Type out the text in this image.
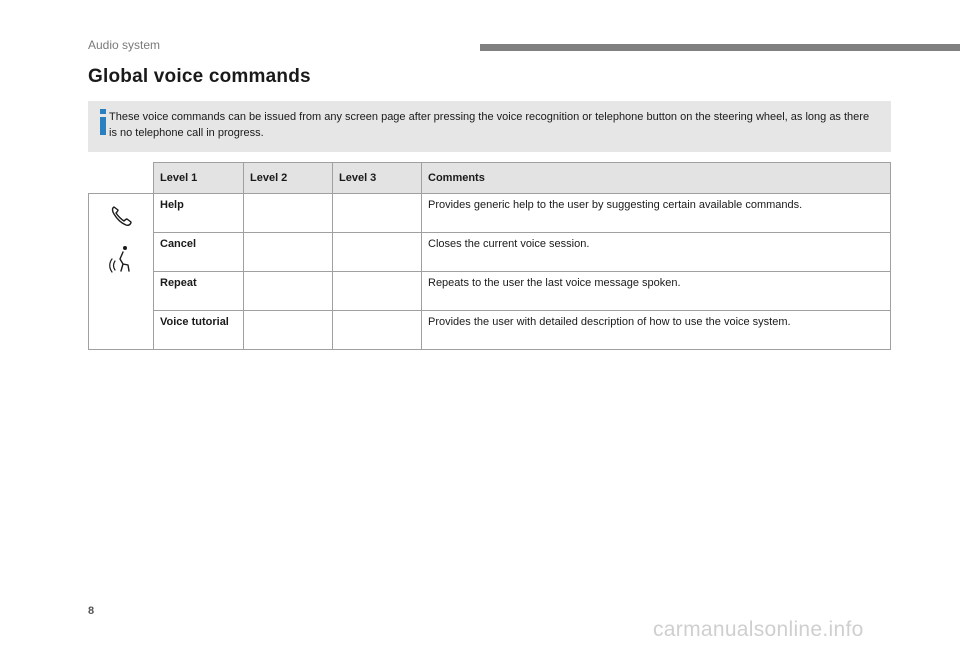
Audio system
Global voice commands
These voice commands can be issued from any screen page after pressing the voice recognition or telephone button on the steering wheel, as long as there is no telephone call in progress.
	Level 1	Level 2	Level 3	Comments

	Help			Provides generic help to the user by suggesting certain available commands.
	Cancel			Closes the current voice session.
	Repeat			Repeats to the user the last voice message spoken.
	Voice tutorial			Provides the user with detailed description of how to use the voice system.
8
carmanualsonline.info
